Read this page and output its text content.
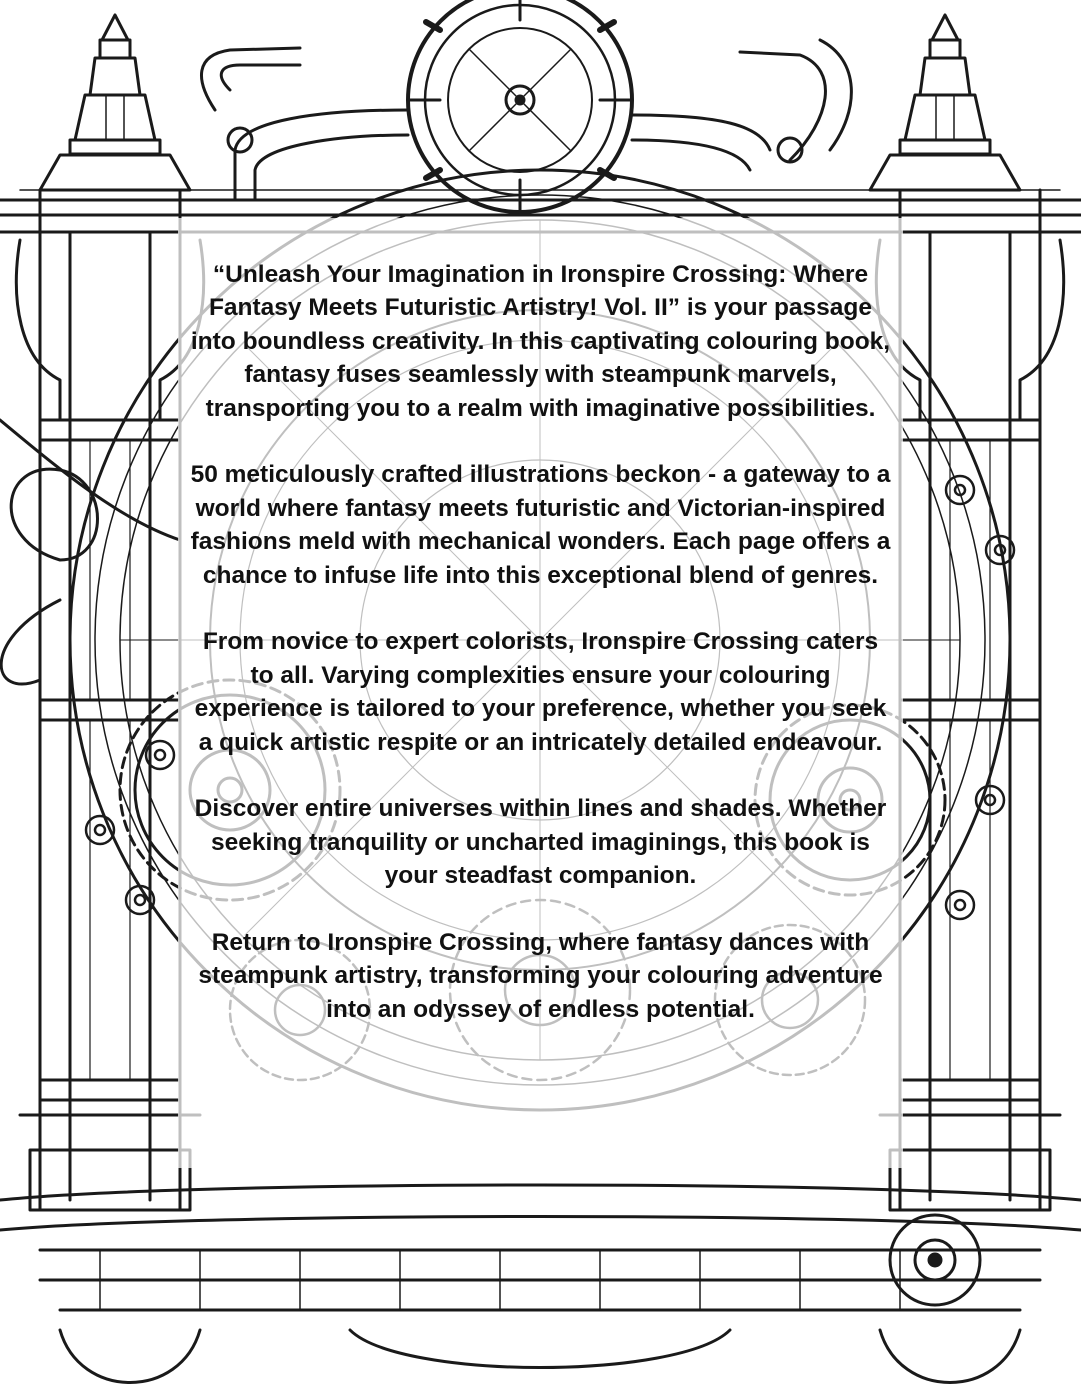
“Unleash Your Imagination in Ironspire Crossing: Where Fantasy Meets Futuristic Artistry! Vol. II” is your passage into boundless creativity. In this captivating colouring book, fantasy fuses seamlessly with steampunk marvels, transporting you to a realm with imaginative possibilities.

50 meticulously crafted illustrations beckon - a gateway to a world where fantasy meets futuristic and Victorian-inspired fashions meld with mechanical wonders. Each page offers a chance to infuse life into this exceptional blend of genres.

From novice to expert colorists, Ironspire Crossing caters to all. Varying complexities ensure your colouring experience is tailored to your preference, whether you seek a quick artistic respite or an intricately detailed endeavour.

Discover entire universes within lines and shades. Whether seeking tranquility or uncharted imaginings, this book is your steadfast companion.

Return to Ironspire Crossing, where fantasy dances with steampunk artistry, transforming your colouring adventure into an odyssey of endless potential.
